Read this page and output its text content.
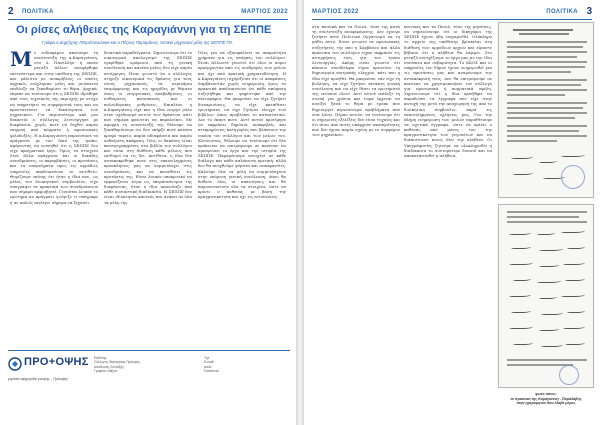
2 ΠΟΛΙΤΙΚΑ	ΜΑΡΤΙΟΣ 2022
Οι ρίσες αλήθειες της Καραγιάννη για τη ΣΕΠΠΕ
Γράφει ο Δημήτρης Πατρέπονιώτικα και ο Πέτρος Παραμάνος, τοπικοί μηχανικοί μέλη της ΣΕΠΠΕ ΠΑ
Με ενδιαφέρον ακούσαμε τη συνέντευξη της κ.Καραγιάννη, στο Δ. Πανελλην, η οποία μεταξύ άλλων αναφέρθηκε εκτενέστερα και στην υπόθεση της ΣΕΠΠΕ, και μάλιστα με ανακρίβειες οι οποίες αρχικώς ενόχλησαν μέλη και μετέπειτα επιδίωξε να ξεκαθαρίσει το θέμα. Αρχικά, έπρεπε να τονίσουμε ότι η ΣΕΠΠΕ ιδρύθηκε από τους τεχνικούς της περιοχής με στόχο να υπηρετήσει τα συμφέροντά τους και να προστατεύσει τα δικαιώματα των μηχανικών. Για περισσότερο από μια δεκαετία ο σύλλογος λειτούργησε με διαφάνεια, χωρίς ποτέ να δεχθεί καμία επιρροή από κόμματα ή προσωπικές φιλοδοξίες. Η κ.Καραγιάννη παρουσίασε τα πράγματα με τον δικό της τρόπο, αφήνοντας να εννοηθεί ότι η ΣΕΠΠΕ δεν είχε πραγματικό έργο. Όμως τα στοιχεία λένε άλλα πράγματα και οι δεκάδες συνεδριάσεις, οι παρεμβάσεις, οι προτάσεις και τα υπομνήματα προς τις αρμόδιες υπηρεσίες αποδεικνύουν το αντίθετο. Θυμίζουμε επίσης ότι ήταν η ίδια που, ως μέλος του διοικητικού συμβουλίου, είχε υπογράψει τα πρακτικά των συνεδριάσεων που σήμερα αμφισβητεί. Γεννάται λοιπόν το ερώτημα αν πράγματι γνώριζε τι υπέγραφε ή αν απλώς επιλέγει σήμερα να ξεχάσει.
δεικτικά παραδείγματα. Σημειώνουμε ότι το οικονομικό απολογισμό της ΣΕΠΠΕ εγκρίθηκε ομόφωνα από τη γενική συνέλευση και κανένα μέλος δεν είχε καμία αντίρρηση. Ήταν γνωστό ότι ο σύλλογος στήριζε οικονομικά τις δράσεις για τους νέους μηχανικούς, τα σεμινάρια επιμόρφωσης και τις ημερίδες με θέματα όπως οι ενεργειακές αναβαθμίσεις, οι αυθαίρετες κατασκευές και οι πολεοδομικές ρυθμίσεις. Επιπλέον, η κ.Καραγιάννη είχε και η ίδια ενεργό ρόλο στον σχεδιασμό αυτών των δράσεων, κάτι που σήμερα φαίνεται να παραλείπει. Με αφορμή τη συνέντευξή της θέλουμε να ξεκαθαρίσουμε ότι δεν υπήρξε ποτέ κανένα κρυφό ταμείο, καμία αδιαφάνεια και καμία αυθαίρετη απόφαση. Όλες οι δαπάνες είναι καταγεγραμμένες στα βιβλία του συλλόγου και είναι στη διάθεση κάθε μέλους που επιθυμεί να τις δει. Αντίθετα, η ίδια δεν ανταποκρίθηκε ποτέ στις επανειλημμένες προσκλήσεις μας να συμμετάσχει στις συνεδριάσεις και να καταθέσει τις προτάσεις της. Είναι λοιπόν υποκριτικό να εμφανίζεται τώρα ως υπερασπίστρια της διαφάνειας, όταν η ίδια απουσίαζε από κάθε ουσιαστική διαδικασία. Η ΣΕΠΠΕ δεν είναι ιδιοκτησία κανενός και ανήκει σε όλα τα μέλη της.
Όλες για να εξασφαλίσει τα απαραίτητα χρήματα για τις ανάγκες του συλλόγου. Είναι άλλωστε γνωστό ότι όλοι οι πόροι προέρχονταν από τις συνδρομές των μελών και όχι από κρατική χρηματοδότηση. Η κ.Καραγιάννη ισχυρίζεται ότι οι αποφάσεις λαμβάνονταν χωρίς ενημέρωση, όμως τα πρακτικά αποδεικνύουν ότι κάθε απόφαση συζητήθηκε και ψηφίστηκε από την πλειοψηφία. Θα μπορούσε να είχε ζητήσει διευκρινίσεις, να είχε καταθέσει ερωτήματα, να είχε ζητήσει έλεγχο των βιβλίων, όπως προβλέπει το καταστατικό. Δεν το έκανε ποτέ. Αντί αυτού προτίμησε να εκφράσει δημόσια ανακριβείς και ατεκμηρίωτες κατηγορίες που βλάπτουν την εικόνα του συλλόγου και των μελών του. Κλείνοντας, θέλουμε να τονίσουμε ότι δεν πρόκειται να επιτρέψουμε σε κανέναν να αμαυρώσει το έργο και την ιστορία της ΣΕΠΠΕ. Παραμένουμε ανοιχτοί σε κάθε διάλογο και κάθε καλόπιστη κριτική, αλλά δεν θα ανεχθούμε ψέματα και συκοφαντίες. Καλούμε όλα τα μέλη να συμμετάσχουν στην επόμενη γενική συνέλευση, όπου θα δοθούν όλες οι απαντήσεις και θα παρουσιαστούν όλα τα στοιχεία, ώστε να κρίνει ο καθένας με βάση την πραγματικότητα και όχι τις εντυπώσεις.
ΠΡΟ+ΟΨΗΣ
μηνιαία εφημερίδα γνώμης - Πρόοψης
Εκδότης:
Σύλλογος Ιδιοκτησίας Πρόοψης
Διεύθυνση Σύνταξης:
Γραφεία: Αθήνα
Τηλ:
E-mail:
www.
Facebook:
ΜΑΡΤΙΟΣ 2022	ΠΟΛΙΤΙΚΑ 3
στα ποινικά και τα ΠοινΔ. τόσο της κατά τη συνέντευξη αναφερόμενης. Δεν έχουμε ζητήσει ποτέ Πολιτικό Οργανισμό να τη μάθει αυτό. Είναι γνωστό σε προσωπικές συζητήσεις της που η Σαρβάνου και άλλα πρόσωπα του συλλόγου είχαν εκφράσει τις αντιρρήσεις τους για τον τρόπο λειτουργίας. Ακόμη είναι γνωστό ότι κάποιοι συνάδελφοι είχαν προτείνει τη δημιουργία επιτροπής ελέγχου, κάτι που η ίδια είχε αρνηθεί. Θα μπορούσε, εάν είχε τη βούληση, να είχε ζητήσει έκτακτη γενική συνέλευση και να είχε θέσει τα ερωτήματά της ενώπιον όλων. Αντί αυτού επέλεξε τη σιωπή για χρόνια και τώρα έρχεται να ανοίξει ξανά το θέμα με τρόπο που δημιουργεί περισσότερα προβλήματα από όσα λύνει. Πέραν αυτών, να τονίσουμε ότι οι σημερινές εξελίξεις δεν είναι τυχαίες και ότι πίσω από αυτές υπάρχουν σκοπιμότητες που δεν έχουν καμία σχέση με το συμφέρον των μηχανικών.
ποινικές και τα ΠοινΔ. τόσο της μηνύσεις, να σημειώσουμε ότι οι δικηγόροι της ΣΕΠΠΕ έχουν ήδη ενημερωθεί. Ολόκληρο το αρχείο της υπόθεσης βρίσκεται στη διάθεση των αρμόδιων αρχών και είμαστε βέβαιοι ότι η αλήθεια θα λάμψει. Στο μεταξύ συνεχίζουμε το έργο μας με την ίδια συνέπεια και σοβαρότητα. Το ΚΚΟΣ και οι υπηρεσίες του δήμου έχουν ενημερωθεί για τις προτάσεις μας και αναμένουμε την ανταπόκρισή τους. Δεν θα επιτρέψουμε σε κανέναν να χρησιμοποιήσει τον σύλλογο για προσωπικά ή κομματικά οφέλη. Σημειώνουμε ότι η ίδια αρνήθηκε να παραδώσει τα έγγραφα που είχε στην κατοχή της μετά την αποχώρησή της από το διοικητικό συμβούλιο, παρά τις επανειλημμένες οχλήσεις μας. Για την πλήρη ενημέρωση των μελών παραθέτουμε τα σχετικά έγγραφα, ώστε να κρίνει ο καθένας από μόνος του την πραγματικότητα των γεγονότων και να διαπιστώσει ποιος λέει την αλήθεια. Οι Υπογράφοντες ζητούμε να ολοκληρωθεί η διαδικασία το συντομότερο δυνατό και να αποκατασταθεί η αλήθεια.
φωτό πάνω:
το πρακτικό της Καραγιάννη - Παραλάβης
στην ημερομηνία που έλαβε μέρος
